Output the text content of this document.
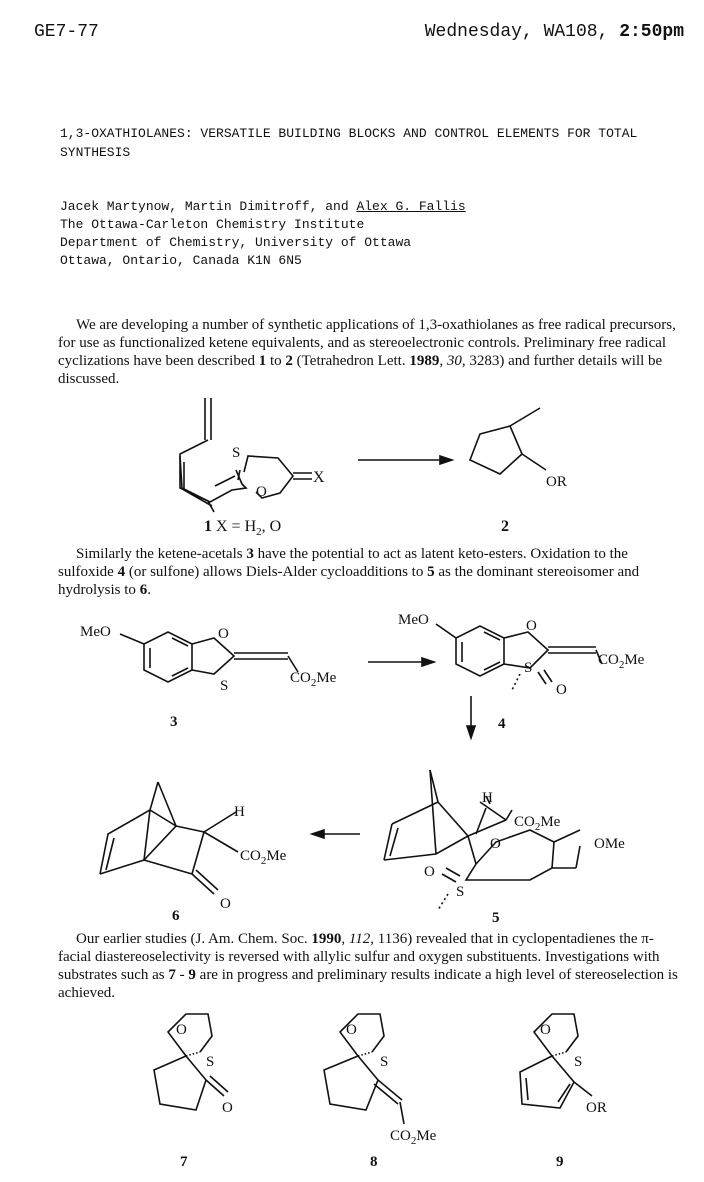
GE7-77	Wednesday, WA108, 2:50pm
1,3-OXATHIOLANES: VERSATILE BUILDING BLOCKS AND CONTROL ELEMENTS FOR TOTAL SYNTHESIS
Jacek Martynow, Martin Dimitroff, and Alex G. Fallis
The Ottawa-Carleton Chemistry Institute
Department of Chemistry, University of Ottawa
Ottawa, Ontario, Canada K1N 6N5
We are developing a number of synthetic applications of 1,3-oxathiolanes as free radical precursors, for use as functionalized ketene equivalents, and as stereoelectronic controls. Preliminary free radical cyclizations have been described 1 to 2 (Tetrahedron Lett. 1989, 30, 3283) and further details will be discussed.
S
O
X	OR
1 $X = H_2$, O	2
Similarly the ketene-acetals 3 have the potential to act as latent keto-esters. Oxidation to the sulfoxide 4 (or sulfone) allows Diels-Alder cycloadditions to 5 as the dominant stereoisomer and hydrolysis to 6.
MeO	O
S	$CO_2Me$
3
MeO	O
S
O
$CO_2Me$
4
H
$CO_2Me$
O
O
S
OMe
5
H
$CO_2Me$
O
6
Our earlier studies (J. Am. Chem. Soc. 1990, 112, 1136) revealed that in cyclopentadienes the π-facial diastereoselectivity is reversed with allylic sulfur and oxygen substituents. Investigations with substrates such as 7 - 9 are in progress and preliminary results indicate a high level of stereoselection is achieved.
O
S
O
7
O
S
$CO_2Me$
8
O
S
OR
9
